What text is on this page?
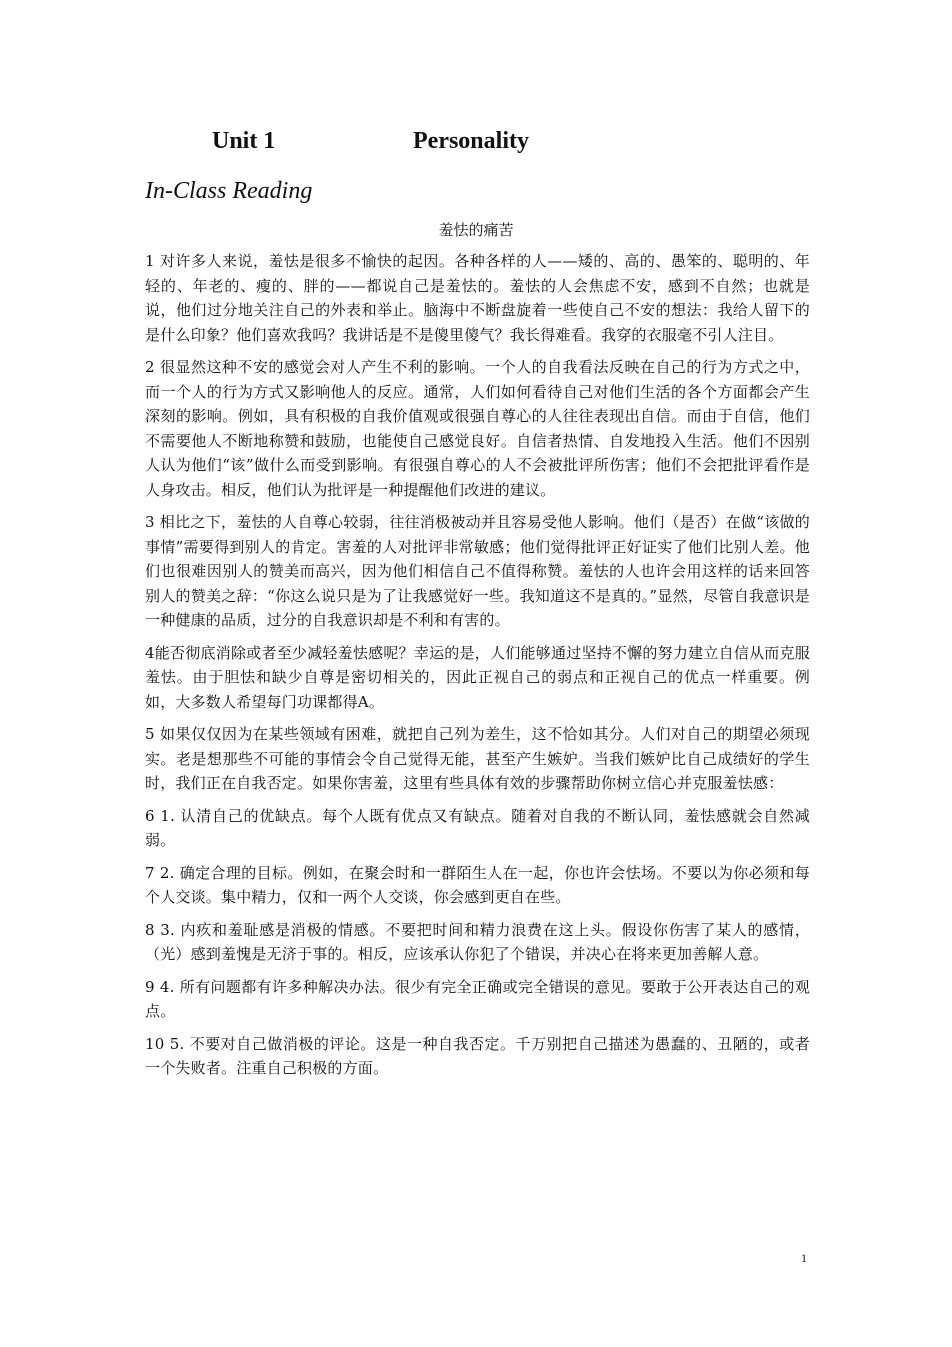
Unit 1	Personality
In-Class Reading
羞怯的痛苦

1 对许多人来说，羞怯是很多不愉快的起因。各种各样的人——矮的、高的、愚笨的、聪明的、年轻的、年老的、瘦的、胖的——都说自己是羞怯的。羞怯的人会焦虑不安，感到不自然；也就是说，他们过分地关注自己的外表和举止。脑海中不断盘旋着一些使自己不安的想法：我给人留下的是什么印象？他们喜欢我吗？我讲话是不是傻里傻气？我长得难看。我穿的衣服毫不引人注目。

2 很显然这种不安的感觉会对人产生不利的影响。一个人的自我看法反映在自己的行为方式之中，而一个人的行为方式又影响他人的反应。通常，人们如何看待自己对他们生活的各个方面都会产生深刻的影响。例如，具有积极的自我价值观或很强自尊心的人往往表现出自信。而由于自信，他们不需要他人不断地称赞和鼓励，也能使自己感觉良好。自信者热情、自发地投入生活。他们不因别人认为他们“该”做什么而受到影响。有很强自尊心的人不会被批评所伤害；他们不会把批评看作是人身攻击。相反，他们认为批评是一种提醒他们改进的建议。

3 相比之下，羞怯的人自尊心较弱，往往消极被动并且容易受他人影响。他们（是否）在做“该做的事情”需要得到别人的肯定。害羞的人对批评非常敏感；他们觉得批评正好证实了他们比别人差。他们也很难因别人的赞美而高兴，因为他们相信自己不值得称赞。羞怯的人也许会用这样的话来回答别人的赞美之辞：“你这么说只是为了让我感觉好一些。我知道这不是真的。”显然，尽管自我意识是一种健康的品质，过分的自我意识却是不利和有害的。

4能否彻底消除或者至少减轻羞怯感呢？幸运的是，人们能够通过坚持不懈的努力建立自信从而克服羞怯。由于胆怯和缺少自尊是密切相关的，因此正视自己的弱点和正视自己的优点一样重要。例如，大多数人希望每门功课都得A。

5 如果仅仅因为在某些领域有困难，就把自己列为差生，这不恰如其分。人们对自己的期望必须现实。老是想那些不可能的事情会令自己觉得无能，甚至产生嫉妒。当我们嫉妒比自己成绩好的学生时，我们正在自我否定。如果你害羞，这里有些具体有效的步骤帮助你树立信心并克服羞怯感：

6 1. 认清自己的优缺点。每个人既有优点又有缺点。随着对自我的不断认同，羞怯感就会自然减弱。

7 2. 确定合理的目标。例如，在聚会时和一群陌生人在一起，你也许会怯场。不要以为你必须和每个人交谈。集中精力，仅和一两个人交谈，你会感到更自在些。

8 3. 内疚和羞耻感是消极的情感。不要把时间和精力浪费在这上头。假设你伤害了某人的感情，（光）感到羞愧是无济于事的。相反，应该承认你犯了个错误，并决心在将来更加善解人意。

9 4. 所有问题都有许多种解决办法。很少有完全正确或完全错误的意见。要敢于公开表达自己的观点。

10 5. 不要对自己做消极的评论。这是一种自我否定。千万别把自己描述为愚蠢的、丑陋的，或者一个失败者。注重自己积极的方面。

1
